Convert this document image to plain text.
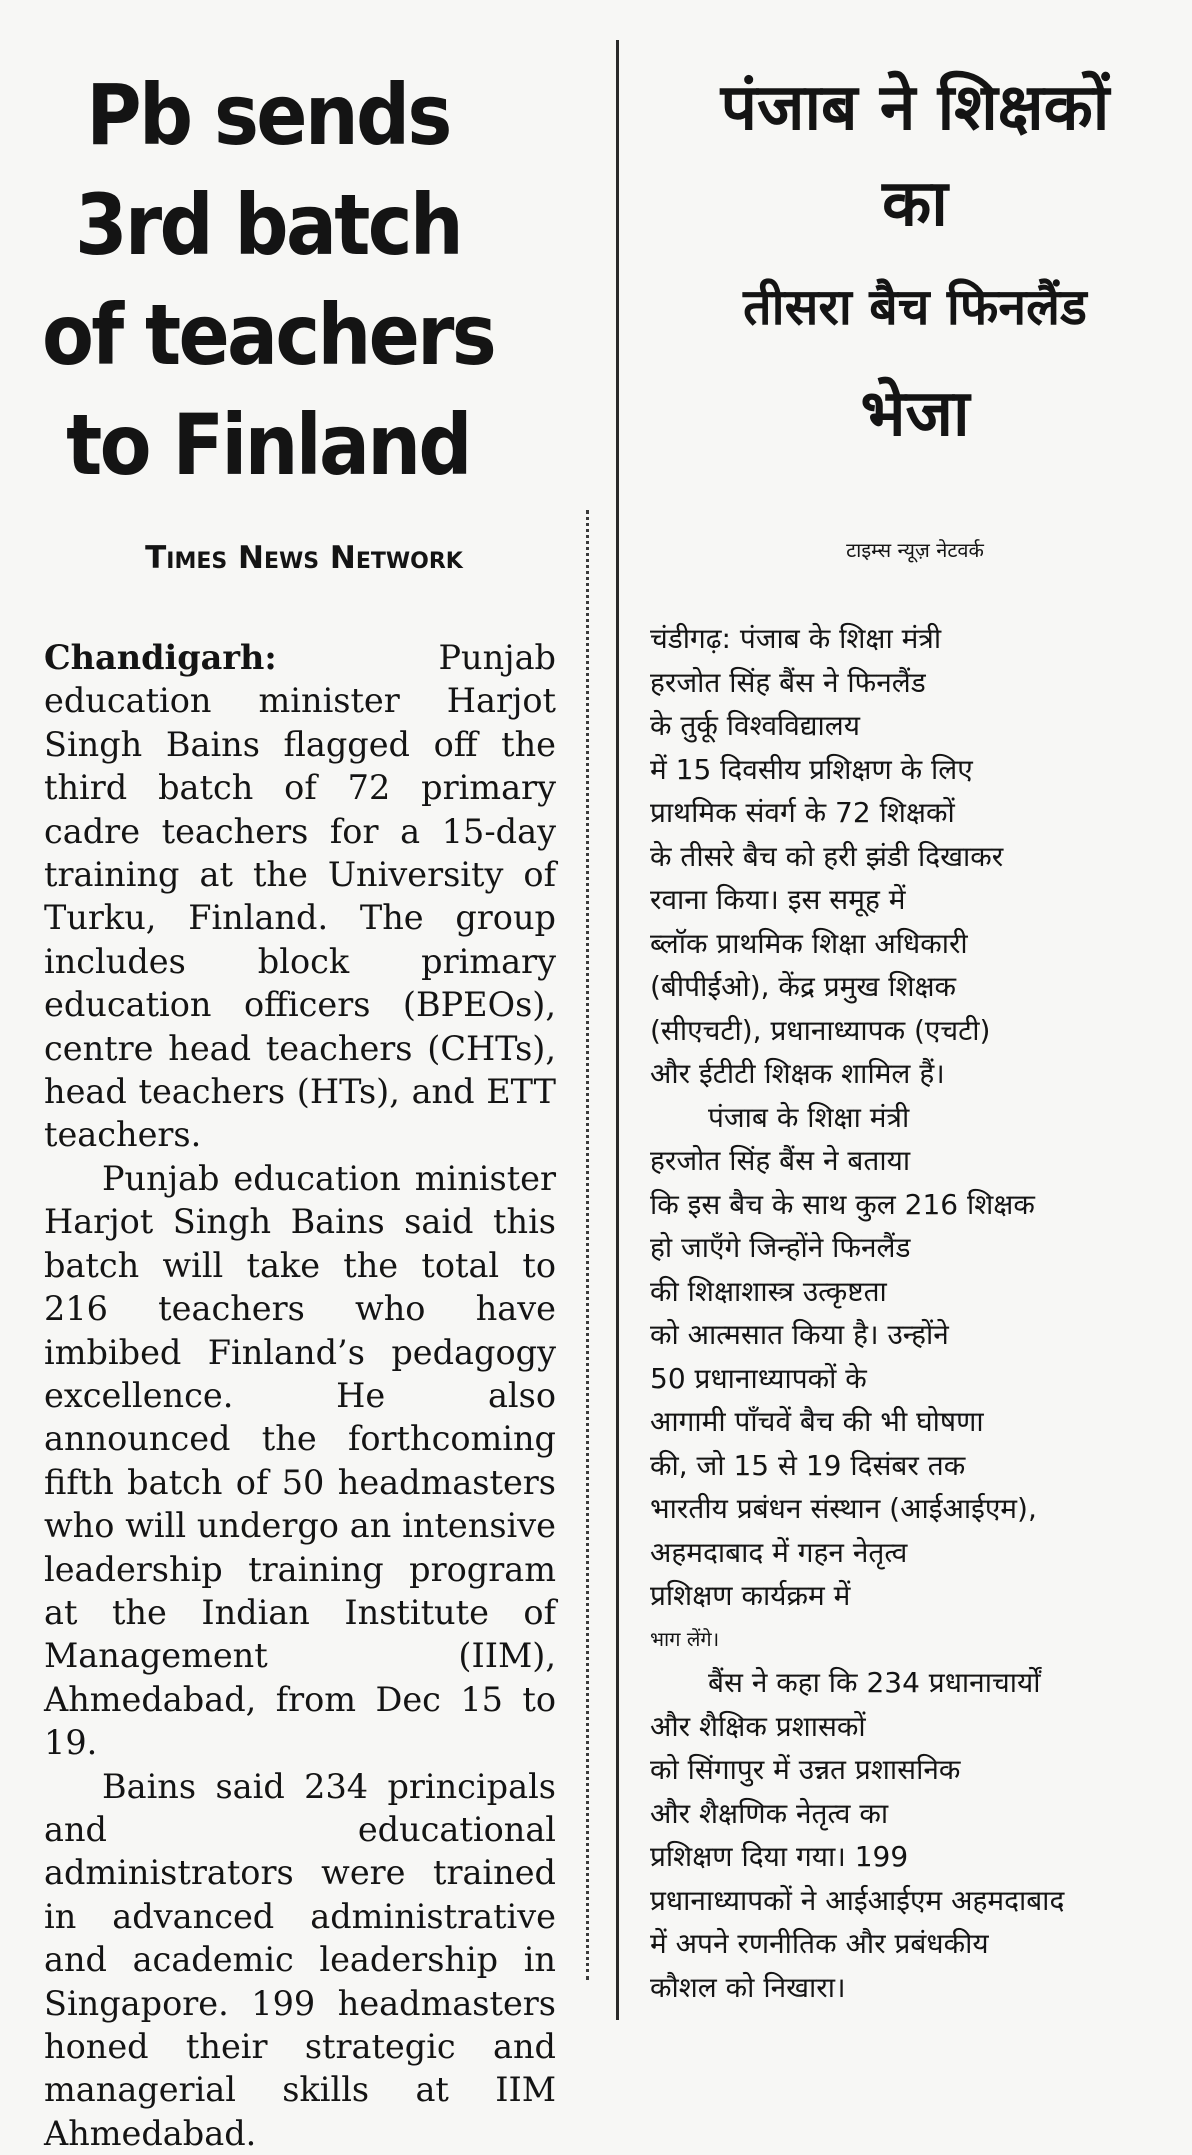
Pb sends 3rd batch of teachers to Finland
Times News Network

Chandigarh: Punjab education minister Harjot Singh Bains flagged off the third batch of 72 primary cadre teachers for a 15-day training at the University of Turku, Finland. The group includes block primary education officers (BPEOs), centre head teachers (CHTs), head teachers (HTs), and ETT teachers.

Punjab education minister Harjot Singh Bains said this batch will take the total to 216 teachers who have imbibed Finland’s pedagogy excellence. He also announced the forthcoming fifth batch of 50 headmasters who will undergo an intensive leadership training program at the Indian Institute of Management (IIM), Ahmedabad, from Dec 15 to 19.

Bains said 234 principals and educational administrators were trained in advanced administrative and academic leadership in Singapore. 199 headmasters honed their strategic and managerial skills at IIM Ahmedabad.

पंजाब ने शिक्षकों
का
तीसरा बैच फिनलैंड
भेजा
टाइम्स न्यूज़ नेटवर्क
चंडीगढ़: पंजाब के शिक्षा मंत्री
हरजोत सिंह बैंस ने फिनलैंड
के तुर्कू विश्वविद्यालय
में 15 दिवसीय प्रशिक्षण के लिए
प्राथमिक संवर्ग के 72 शिक्षकों
के तीसरे बैच को हरी झंडी दिखाकर
रवाना किया। इस समूह में
ब्लॉक प्राथमिक शिक्षा अधिकारी
(बीपीईओ), केंद्र प्रमुख शिक्षक
(सीएचटी), प्रधानाध्यापक (एचटी)
और ईटीटी शिक्षक शामिल हैं।
पंजाब के शिक्षा मंत्री
हरजोत सिंह बैंस ने बताया
कि इस बैच के साथ कुल 216 शिक्षक
हो जाएँगे जिन्होंने फिनलैंड
की शिक्षाशास्त्र उत्कृष्टता
को आत्मसात किया है। उन्होंने
50 प्रधानाध्यापकों के
आगामी पाँचवें बैच की भी घोषणा
की, जो 15 से 19 दिसंबर तक
भारतीय प्रबंधन संस्थान (आईआईएम),
अहमदाबाद में गहन नेतृत्व
प्रशिक्षण कार्यक्रम में
भाग लेंगे।
बैंस ने कहा कि 234 प्रधानाचार्यों
और शैक्षिक प्रशासकों
को सिंगापुर में उन्नत प्रशासनिक
और शैक्षणिक नेतृत्व का
प्रशिक्षण दिया गया। 199
प्रधानाध्यापकों ने आईआईएम अहमदाबाद
में अपने रणनीतिक और प्रबंधकीय
कौशल को निखारा।
